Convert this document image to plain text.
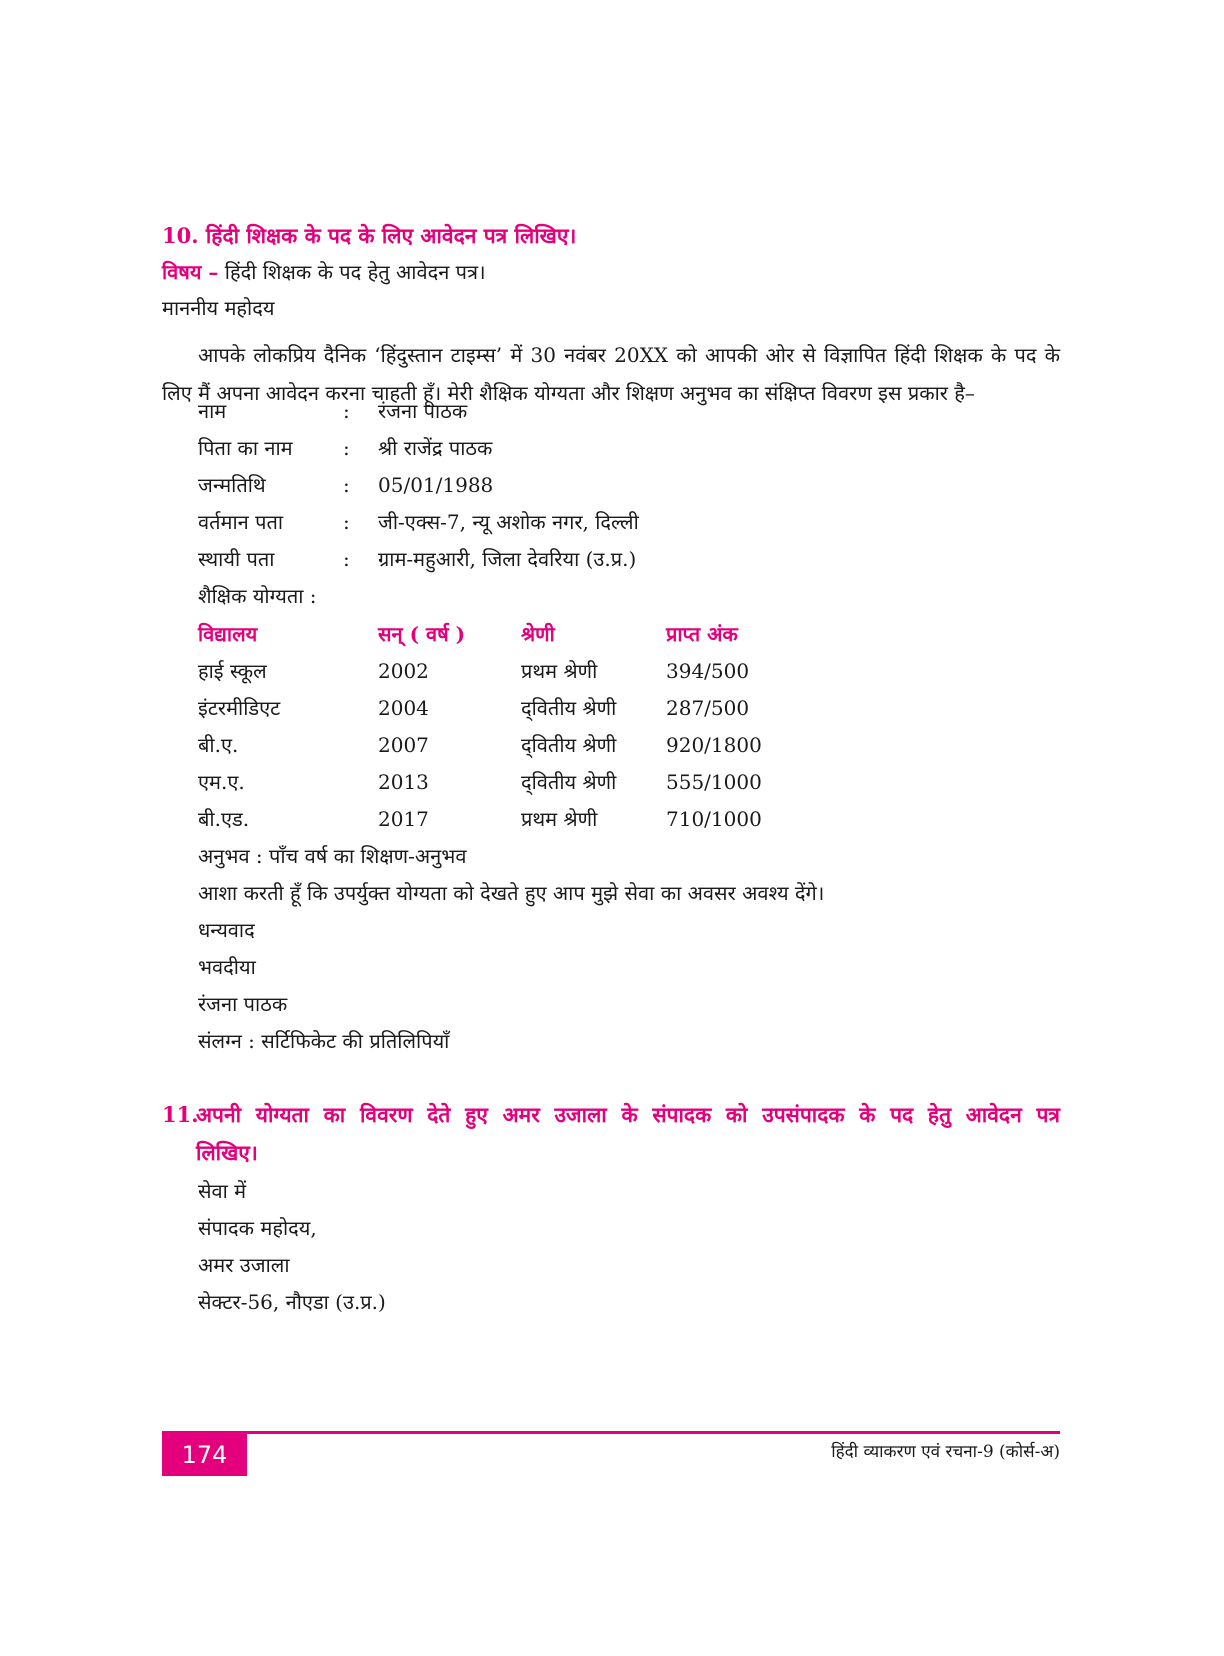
10. हिंदी शिक्षक के पद के लिए आवेदन पत्र लिखिए।
विषय – हिंदी शिक्षक के पद हेतु आवेदन पत्र।
माननीय महोदय
आपके लोकप्रिय दैनिक ‘हिंदुस्तान टाइम्स’ में 30 नवंबर 20XX को आपकी ओर से विज्ञापित हिंदी शिक्षक के पद के लिए मैं अपना आवेदन करना चाहती हूँ। मेरी शैक्षिक योग्यता और शिक्षण अनुभव का संक्षिप्त विवरण इस प्रकार है–
नाम	: रंजना पाठक
पिता का नाम	: श्री राजेंद्र पाठक
जन्मतिथि	: 05/01/1988
वर्तमान पता	: जी-एक्स-7, न्यू अशोक नगर, दिल्ली
स्थायी पता	: ग्राम-महुआरी, जिला देवरिया (उ.प्र.)
शैक्षिक योग्यता :
विद्यालय	सन् ( वर्ष )	श्रेणी	प्राप्त अंक
हाई स्कूल	2002	प्रथम श्रेणी	394/500
इंटरमीडिएट	2004	द्‌वितीय श्रेणी 287/500
बी.ए.	2007	द्‌वितीय श्रेणी 920/1800
एम.ए.	2013	द्‌वितीय श्रेणी 555/1000
बी.एड.	2017	प्रथम श्रेणी	710/1000
अनुभव : पाँच वर्ष का शिक्षण-अनुभव
आशा करती हूँ कि उपर्युक्त योग्यता को देखते हुए आप मुझे सेवा का अवसर अवश्य देंगे।
धन्यवाद
भवदीया
रंजना पाठक
संलग्न : सर्टिफिकेट की प्रतिलिपियाँ
11.
अपनी योग्यता का विवरण देते हुए अमर उजाला के संपादक को उपसंपादक के पद हेतु आवेदन पत्र
लिखिए।
सेवा में
संपादक महोदय,
अमर उजाला
सेक्टर-56, नौएडा (उ.प्र.)
174	हिंदी व्याकरण एवं रचना-9 (कोर्स-अ)
